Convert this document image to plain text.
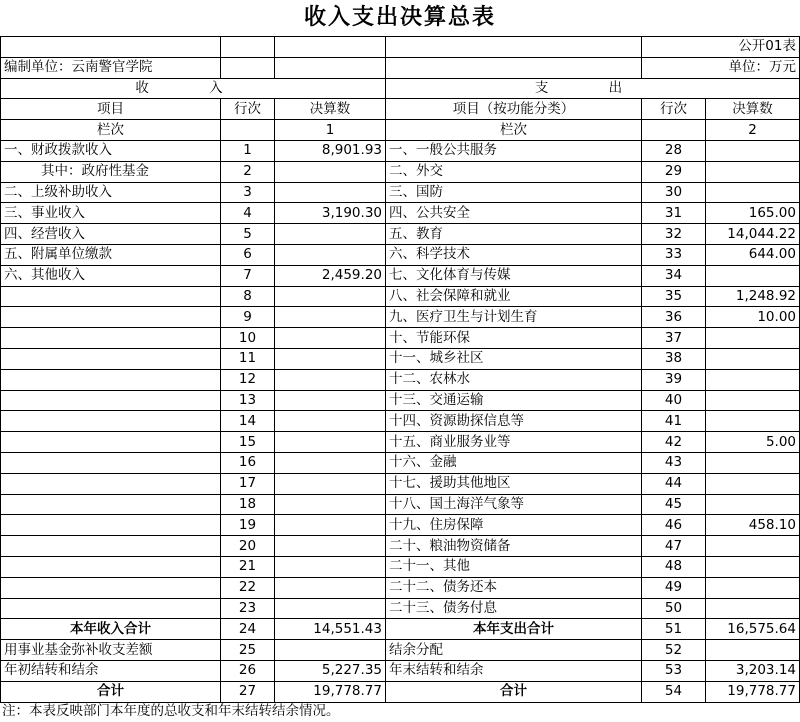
收入支出决算总表
				公开01表	
编制单位：云南警官学院				单位：万元	
收 入			支 出		
项目	行次	决算数	项目（按功能分类）	行次	决算数
栏次		1	栏次		2
一、财政拨款收入	1	8,901.93	一、一般公共服务	28	
其中：政府性基金	2		二、外交	29	
二、上级补助收入	3		三、国防	30	
三、事业收入	4	3,190.30	四、公共安全	31	165.00
四、经营收入	5		五、教育	32	14,044.22
五、附属单位缴款	6		六、科学技术	33	644.00
六、其他收入	7	2,459.20	七、文化体育与传媒	34	
	8		八、社会保障和就业	35	1,248.92
	9		九、医疗卫生与计划生育	36	10.00
	10		十、节能环保	37	
	11		十一、城乡社区	38	
	12		十二、农林水	39	
	13		十三、交通运输	40	
	14		十四、资源勘探信息等	41	
	15		十五、商业服务业等	42	5.00
	16		十六、金融	43	
	17		十七、援助其他地区	44	
	18		十八、国土海洋气象等	45	
	19		十九、住房保障	46	458.10
	20		二十、粮油物资储备	47	
	21		二十一、其他	48	
	22		二十二、债务还本	49	
	23		二十三、债务付息	50	
本年收入合计	24	14,551.43	本年支出合计	51	16,575.64
用事业基金弥补收支差额	25		结余分配	52	
年初结转和结余	26	5,227.35	年末结转和结余	53	3,203.14
合计	27	19,778.77	合计	54	19,778.77
注：本表反映部门本年度的总收支和年末结转结余情况。
